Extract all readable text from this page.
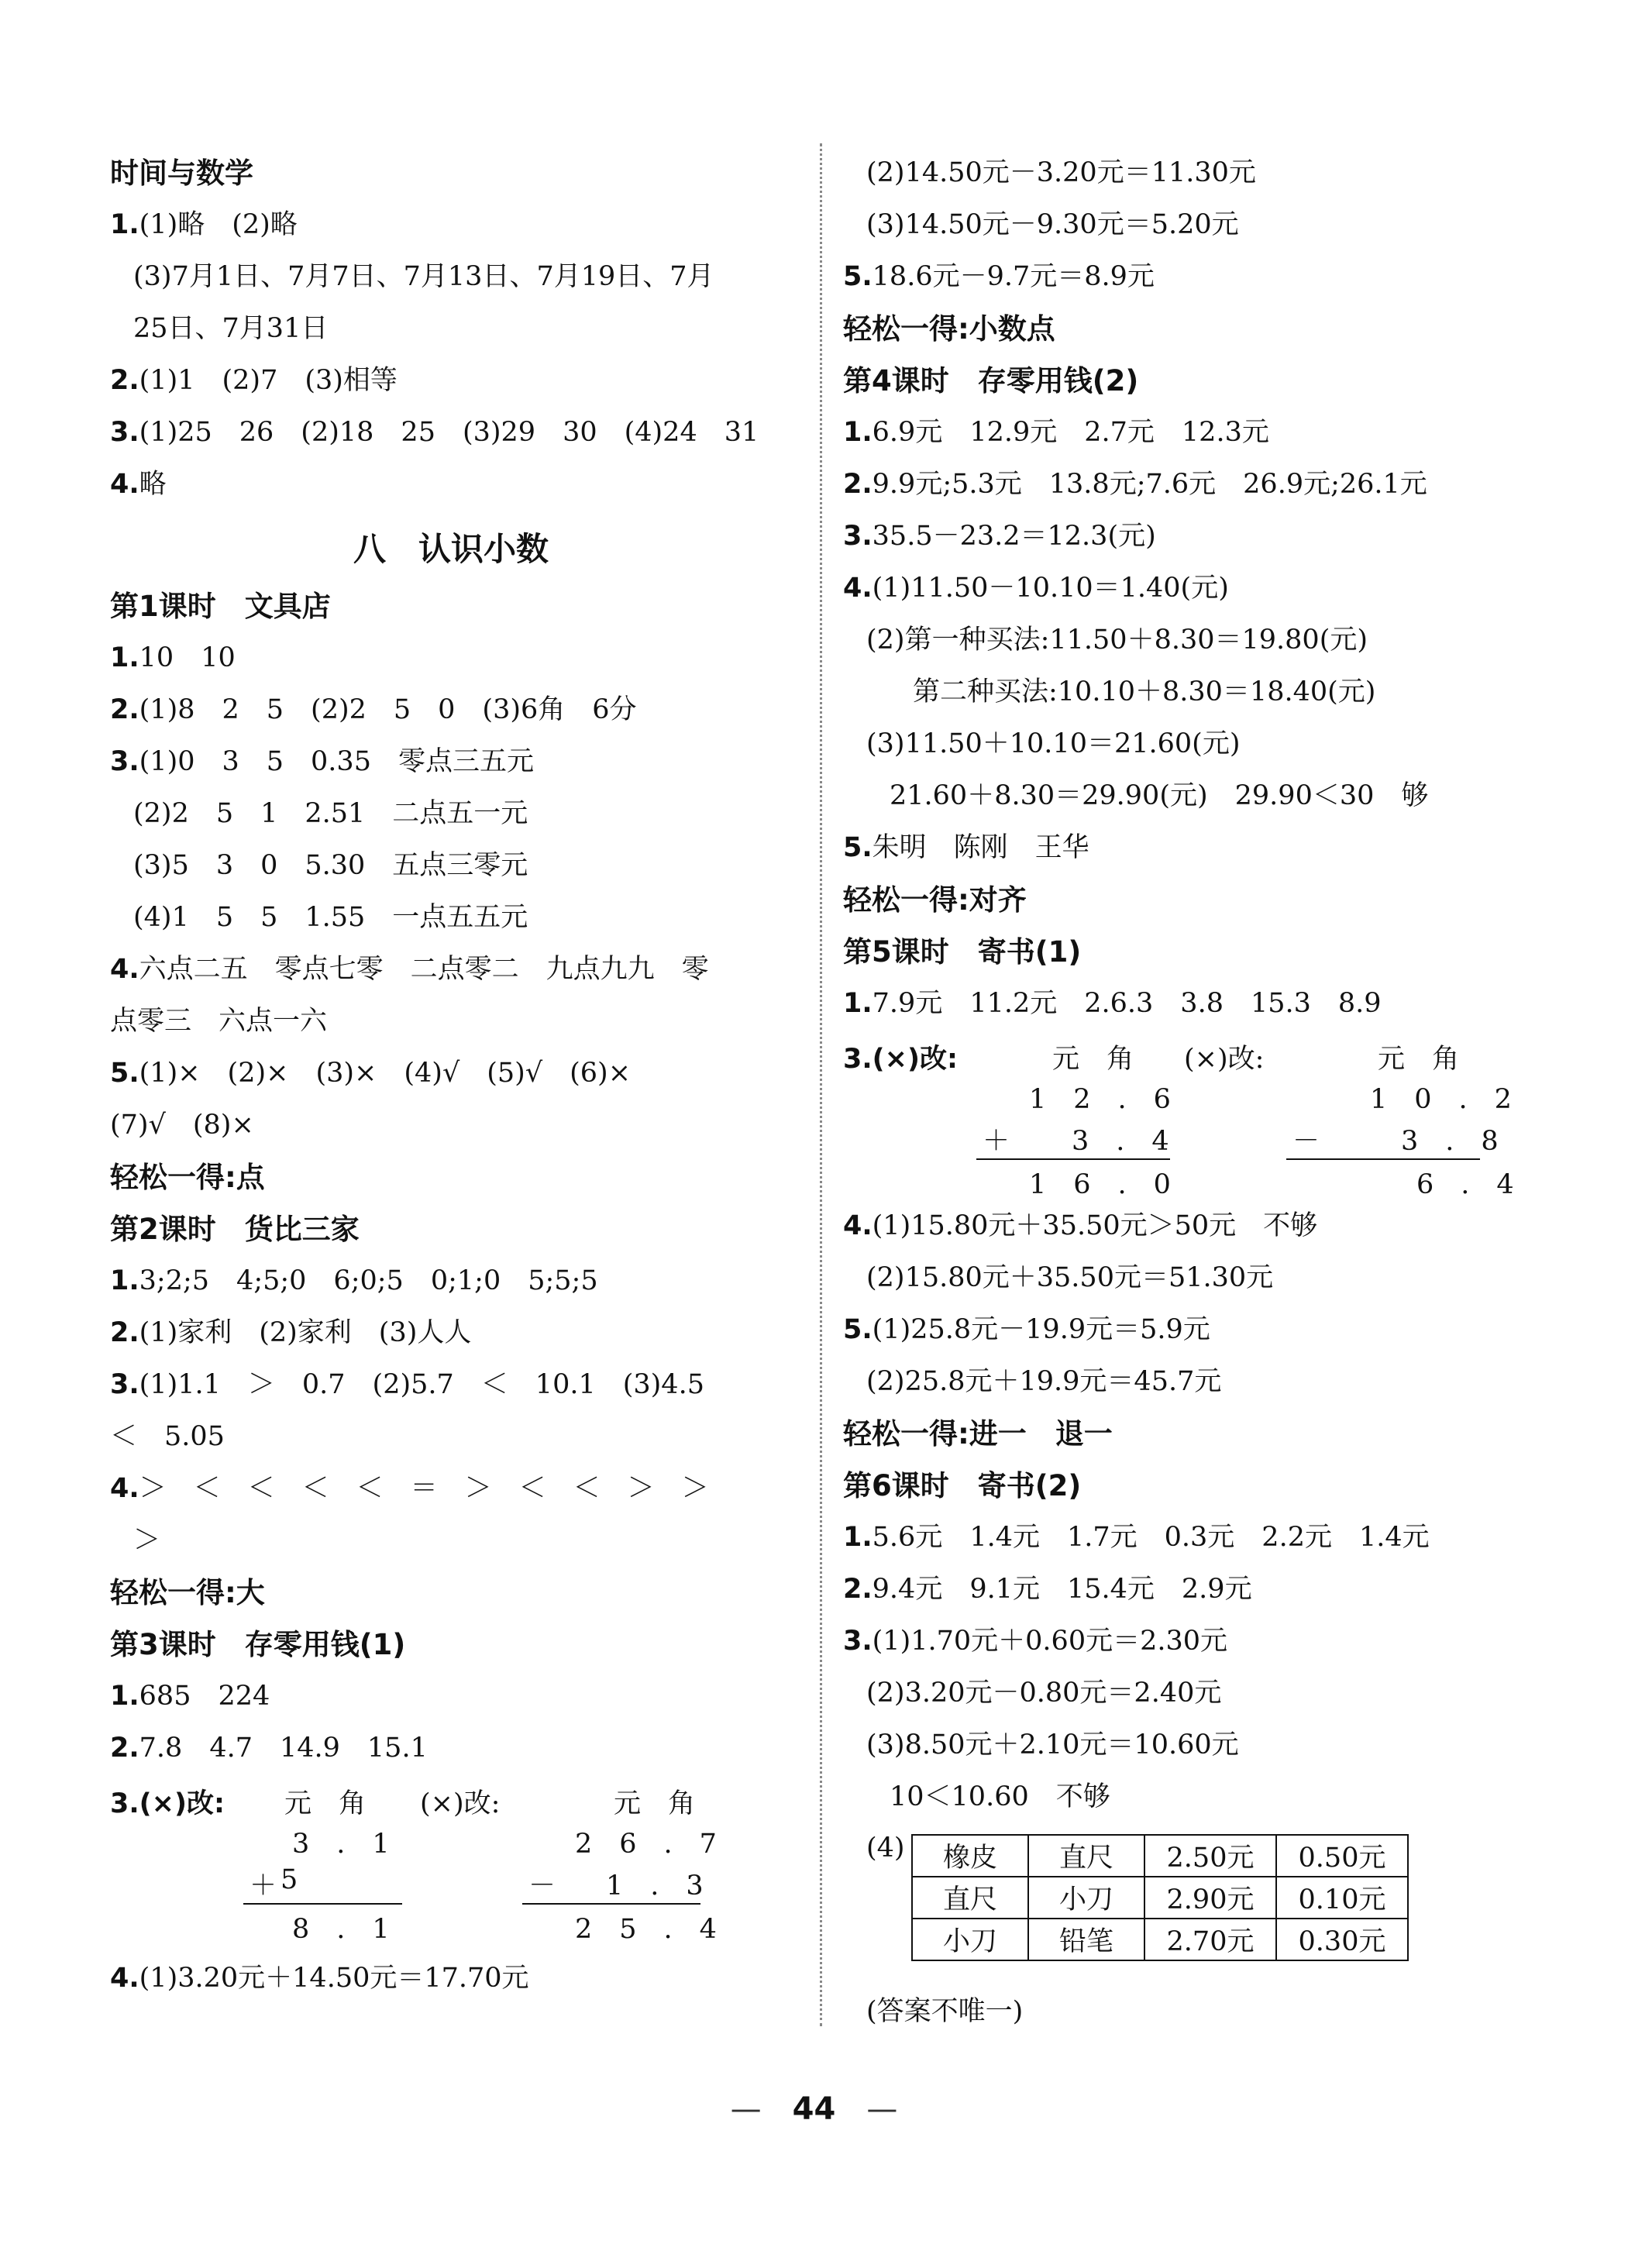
时间与数学
1.(1)略　(2)略
(3)7月1日、7月7日、7月13日、7月19日、7月
25日、7月31日
2.(1)1　(2)7　(3)相等
3.(1)25　26　(2)18　25　(3)29　30　(4)24　31
4.略
八　认识小数
第1课时　文具店
1.10　10
2.(1)8　2　5　(2)2　5　0　(3)6角　6分
3.(1)0　3　5　0.35　零点三五元
(2)2　5　1　2.51　二点五一元
(3)5　3　0　5.30　五点三零元
(4)1　5　5　1.55　一点五五元
4.六点二五　零点七零　二点零二　九点九九　零
点零三　六点一六
5.(1)×　(2)×　(3)×　(4)√　(5)√　(6)×
(7)√　(8)×
轻松一得:点
第2课时　货比三家
1.3;2;5　4;5;0　6;0;5　0;1;0　5;5;5
2.(1)家利　(2)家利　(3)人人
3.(1)1.1　＞　0.7　(2)5.7　＜　10.1　(3)4.5
＜　5.05
4.＞　＜　＜　＜　＜　＝　＞　＜　＜　＞　＞
＞
轻松一得:大
第3课时　存零用钱(1)
1.685　224
2.7.8　4.7　14.9　15.1
3.(×)改: 元　角 (×)改:	元　角
3　.　1
＋ 5
8　.　1
2　6　.　7
－ 1　.　3
2　5　.　4
4.(1)3.20元＋14.50元＝17.70元
(2)14.50元－3.20元＝11.30元
(3)14.50元－9.30元＝5.20元
5.18.6元－9.7元＝8.9元
轻松一得:小数点
第4课时　存零用钱(2)
1.6.9元　12.9元　2.7元　12.3元
2.9.9元;5.3元　13.8元;7.6元　26.9元;26.1元
3.35.5－23.2＝12.3(元)
4.(1)11.50－10.10＝1.40(元)
(2)第一种买法:11.50＋8.30＝19.80(元)
第二种买法:10.10＋8.30＝18.40(元)
(3)11.50＋10.10＝21.60(元)
21.60＋8.30＝29.90(元)　29.90＜30　够
5.朱明　陈刚　王华
轻松一得:对齐
第5课时　寄书(1)
1.7.9元　11.2元　2.6.3　3.8　15.3　8.9
3.(×)改:	元　角 (×)改:	元　角
1　2　.　6
＋ 3　.　4
1　6　.　0
1　0　.　2
－	3　.　8
6　.　4
4.(1)15.80元＋35.50元＞50元　不够
(2)15.80元＋35.50元＝51.30元
5.(1)25.8元－19.9元＝5.9元
(2)25.8元＋19.9元＝45.7元
轻松一得:进一　退一
第6课时　寄书(2)
1.5.6元　1.4元　1.7元　0.3元　2.2元　1.4元
2.9.4元　9.1元　15.4元　2.9元
3.(1)1.70元＋0.60元＝2.30元
(2)3.20元－0.80元＝2.40元
(3)8.50元＋2.10元＝10.60元
10＜10.60　不够
(4) 橡皮	直尺	2.50元	0.50元
直尺	小刀	2.90元	0.10元
小刀	铅笔	2.70元	0.30元
(答案不唯一)
—　44　—
